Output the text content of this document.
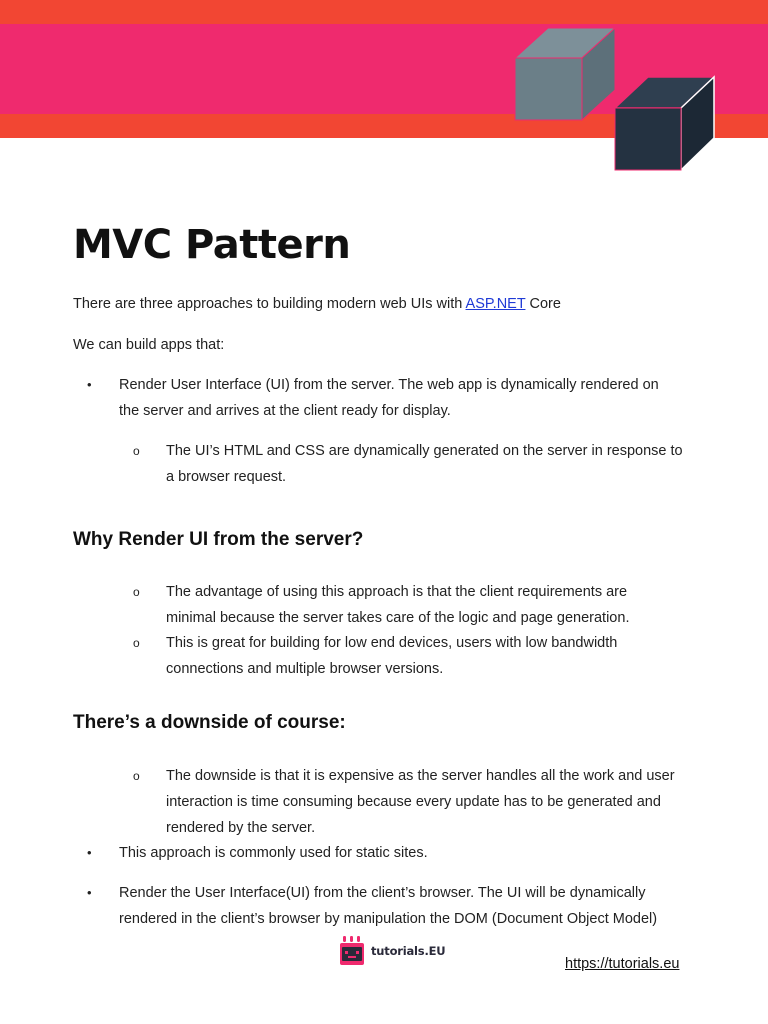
MVC Pattern
There are three approaches to building modern web UIs with ASP.NET Core
We can build apps that:
• Render User Interface (UI) from the server. The web app is dynamically rendered on
the server and arrives at the client ready for display.
o The UI’s HTML and CSS are dynamically generated on the server in response to
a browser request.
Why Render UI from the server?
o The advantage of using this approach is that the client requirements are
minimal because the server takes care of the logic and page generation.
o This is great for building for low end devices, users with low bandwidth
connections and multiple browser versions.
There’s a downside of course:
o The downside is that it is expensive as the server handles all the work and user
interaction is time consuming because every update has to be generated and
rendered by the server.
• This approach is commonly used for static sites.
• Render the User Interface(UI) from the client’s browser. The UI will be dynamically
rendered in the client’s browser by manipulation the DOM (Document Object Model)
tutorials.EU
https://tutorials.eu
